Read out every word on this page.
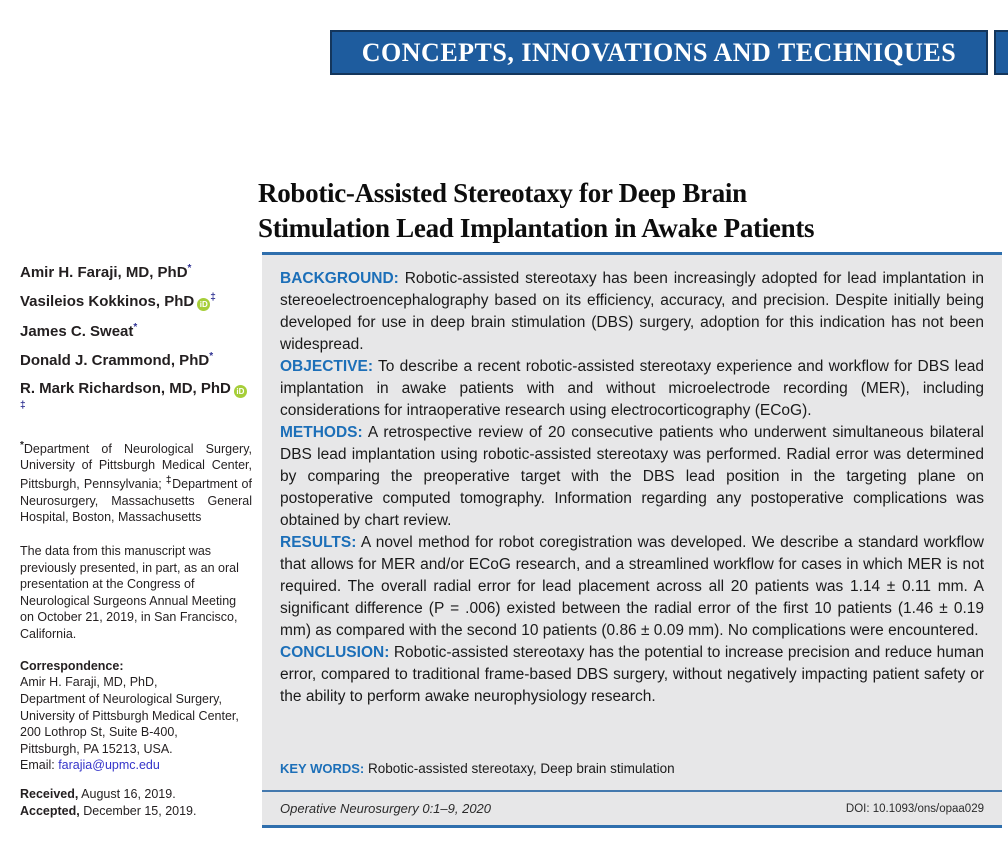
CONCEPTS, INNOVATIONS AND TECHNIQUES
Robotic-Assisted Stereotaxy for Deep Brain Stimulation Lead Implantation in Awake Patients
Amir H. Faraji, MD, PhD*
Vasileios Kokkinos, PhD iD‡
James C. Sweat*
Donald J. Crammond, PhD*
R. Mark Richardson, MD, PhD iD‡

*Department of Neurological Surgery, University of Pittsburgh Medical Center, Pittsburgh, Pennsylvania; ‡Department of Neurosurgery, Massachusetts General Hospital, Boston, Massachusetts

The data from this manuscript was previously presented, in part, as an oral presentation at the Congress of Neurological Surgeons Annual Meeting on October 21, 2019, in San Francisco, California.

Correspondence:
Amir H. Faraji, MD, PhD,
Department of Neurological Surgery,
University of Pittsburgh Medical Center,
200 Lothrop St, Suite B-400,
Pittsburgh, PA 15213, USA.
Email: farajia@upmc.edu
Received, August 16, 2019.
Accepted, December 15, 2019.

BACKGROUND: Robotic-assisted stereotaxy has been increasingly adopted for lead implantation in stereoelectroencephalography based on its efficiency, accuracy, and precision. Despite initially being developed for use in deep brain stimulation (DBS) surgery, adoption for this indication has not been widespread.

OBJECTIVE: To describe a recent robotic-assisted stereotaxy experience and workflow for DBS lead implantation in awake patients with and without microelectrode recording (MER), including considerations for intraoperative research using electrocorticography (ECoG).

METHODS: A retrospective review of 20 consecutive patients who underwent simultaneous bilateral DBS lead implantation using robotic-assisted stereotaxy was performed. Radial error was determined by comparing the preoperative target with the DBS lead position in the targeting plane on postoperative computed tomography. Information regarding any postoperative complications was obtained by chart review.

RESULTS: A novel method for robot coregistration was developed. We describe a standard workflow that allows for MER and/or ECoG research, and a streamlined workflow for cases in which MER is not required. The overall radial error for lead placement across all 20 patients was 1.14 ± 0.11 mm. A significant difference (P = .006) existed between the radial error of the first 10 patients (1.46 ± 0.19 mm) as compared with the second 10 patients (0.86 ± 0.09 mm). No complications were encountered.

CONCLUSION: Robotic-assisted stereotaxy has the potential to increase precision and reduce human error, compared to traditional frame-based DBS surgery, without negatively impacting patient safety or the ability to perform awake neurophysiology research.

KEY WORDS: Robotic-assisted stereotaxy, Deep brain stimulation
Operative Neurosurgery 0:1–9, 2020	DOI: 10.1093/ons/opaa029
